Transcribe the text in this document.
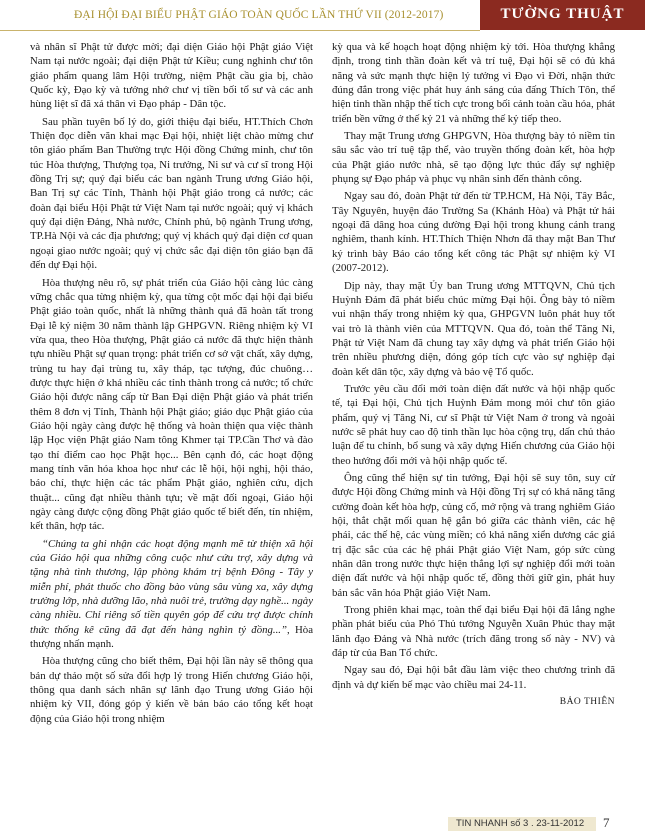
ĐẠI HỘI ĐẠI BIỂU PHẬT GIÁO TOÀN QUỐC LẦN THỨ VII (2012-2017)	TƯỜNG THUẬT

và nhân sĩ Phật tử được mời; đại diện Giáo hội Phật giáo Việt Nam tại nước ngoài; đại diện Phật tử Kiều; cung nghinh chư tôn giáo phẩm quang lâm Hội trường, niệm Phật cầu gia bị, chào Quốc kỳ, Đạo kỳ và tưởng nhớ chư vị tiền bối tổ sư và các anh hùng liệt sĩ đã xả thân vì Đạo pháp - Dân tộc.

Sau phần tuyên bố lý do, giới thiệu đại biểu, HT.Thích Chơn Thiện đọc diễn văn khai mạc Đại hội, nhiệt liệt chào mừng chư tôn giáo phẩm Ban Thường trực Hội đồng Chứng minh, chư tôn túc Hòa thượng, Thượng tọa, Ni trưởng, Ni sư và cư sĩ trong Hội đồng Trị sự; quý đại biểu các ban ngành Trung ương Giáo hội, Ban Trị sự các Tỉnh, Thành hội Phật giáo trong cả nước; các đoàn đại biểu Hội Phật tử Việt Nam tại nước ngoài; quý vị khách quý đại diện Đảng, Nhà nước, Chính phủ, bộ ngành Trung ương, TP.Hà Nội và các địa phương; quý vị khách quý đại diện cơ quan ngoại giao nước ngoài; quý vị chức sắc đại diện tôn giáo bạn đã đến dự Đại hội.

Hòa thượng nêu rõ, sự phát triển của Giáo hội càng lúc càng vững chắc qua từng nhiệm kỳ, qua từng cột mốc đại hội đại biểu Phật giáo toàn quốc, nhất là những thành quả đã hoàn tất trong Đại lễ kỷ niệm 30 năm thành lập GHPGVN. Riêng nhiệm kỳ VI vừa qua, theo Hòa thượng, Phật giáo cả nước đã thực hiện thành tựu nhiều Phật sự quan trọng: phát triển cơ sở vật chất, xây dựng, trùng tu hay đại trùng tu, xây tháp, tạc tượng, đúc chuông… được thực hiện ở khá nhiều các tỉnh thành trong cả nước; tổ chức Giáo hội được nâng cấp từ Ban Đại diện Phật giáo và phát triển thêm 8 đơn vị Tỉnh, Thành hội Phật giáo; giáo dục Phật giáo của Giáo hội ngày càng được hệ thống và hoàn thiện qua việc thành lập Học viện Phật giáo Nam tông Khmer tại TP.Cần Thơ và đào tạo thí điểm cao học Phật học... Bên cạnh đó, các hoạt động mang tính văn hóa khoa học như các lễ hội, hội nghị, hội thảo, báo chí, thực hiện các tác phẩm Phật giáo, nghiên cứu, dịch thuật... cũng đạt nhiều thành tựu; về mặt đối ngoại, Giáo hội ngày càng được cộng đồng Phật giáo quốc tế biết đến, tín nhiệm, kết thân, hợp tác.

“Chúng ta ghi nhận các hoạt động mạnh mẽ từ thiện xã hội của Giáo hội qua những công cuộc như cứu trợ, xây dựng và tặng nhà tình thương, lập phòng khám trị bệnh Đông - Tây y miễn phí, phát thuốc cho đồng bào vùng sâu vùng xa, xây dựng trường lớp, nhà dưỡng lão, nhà nuôi trẻ, trường dạy nghề... ngày càng nhiều. Chỉ riêng số tiền quyên góp để cứu trợ được chính thức thống kê cũng đã đạt đến hàng nghìn tỷ đồng...”, Hòa thượng nhấn mạnh.

Hòa thượng cũng cho biết thêm, Đại hội lần này sẽ thông qua bản dự thảo một số sửa đổi hợp lý trong Hiến chương Giáo hội, thông qua danh sách nhân sự lãnh đạo Trung ương Giáo hội nhiệm kỳ VII, đóng góp ý kiến về bản báo cáo tổng kết hoạt động của Giáo hội trong nhiệm

kỳ qua và kế hoạch hoạt động nhiệm kỳ tới. Hòa thượng khẳng định, trong tinh thần đoàn kết và trí tuệ, Đại hội sẽ có đủ khả năng và sức mạnh thực hiện lý tưởng vì Đạo vì Đời, nhận thức đúng đắn trong việc phát huy ánh sáng của đấng Thích Tôn, thể hiện tinh thần nhập thế tích cực trong bối cảnh toàn cầu hóa, phát triển bền vững ở thế kỷ 21 và những thế kỷ tiếp theo.

Thay mặt Trung ương GHPGVN, Hòa thượng bày tỏ niềm tin sâu sắc vào trí tuệ tập thể, vào truyền thống đoàn kết, hòa hợp của Phật giáo nước nhà, sẽ tạo động lực thúc đẩy sự nghiệp phụng sự Đạo pháp và phục vụ nhân sinh đến thành công.

Ngay sau đó, đoàn Phật tử đến từ TP.HCM, Hà Nội, Tây Bắc, Tây Nguyên, huyện đảo Trường Sa (Khánh Hòa) và Phật tử hải ngoại đã dâng hoa cúng dường Đại hội trong khung cảnh trang nghiêm, thanh kính. HT.Thích Thiện Nhơn đã thay mặt Ban Thư ký trình bày Báo cáo tổng kết công tác Phật sự nhiệm kỳ VI (2007-2012).

Dịp này, thay mặt Ủy ban Trung ương MTTQVN, Chủ tịch Huỳnh Đảm đã phát biểu chúc mừng Đại hội. Ông bày tỏ niềm vui nhận thấy trong nhiệm kỳ qua, GHPGVN luôn phát huy tốt vai trò là thành viên của MTTQVN. Qua đó, toàn thể Tăng Ni, Phật tử Việt Nam đã chung tay xây dựng và phát triển Giáo hội trên nhiều phương diện, đóng góp tích cực vào sự nghiệp đại đoàn kết dân tộc, xây dựng và bảo vệ Tổ quốc.

Trước yêu cầu đổi mới toàn diện đất nước và hội nhập quốc tế, tại Đại hội, Chủ tịch Huỳnh Đảm mong mỏi chư tôn giáo phẩm, quý vị Tăng Ni, cư sĩ Phật tử Việt Nam ở trong và ngoài nước sẽ phát huy cao độ tinh thần lục hòa cộng trụ, dấn chủ thảo luận để tu chỉnh, bổ sung và xây dựng Hiến chương của Giáo hội theo hướng đổi mới và hội nhập quốc tế.

Ông cũng thể hiện sự tin tưởng, Đại hội sẽ suy tôn, suy cử được Hội đồng Chứng minh và Hội đồng Trị sự có khả năng tăng cường đoàn kết hòa hợp, củng cố, mở rộng và trang nghiêm Giáo hội, thắt chặt mối quan hệ gắn bó giữa các thành viên, các hệ phái, các thế hệ, các vùng miền; có khả năng xiển dương các giá trị đặc sắc của các hệ phái Phật giáo Việt Nam, góp sức cùng nhân dân trong nước thực hiện thắng lợi sự nghiệp đổi mới toàn diện đất nước và hội nhập quốc tế, đồng thời giữ gìn, phát huy bản sắc văn hóa Phật giáo Việt Nam.

Trong phiên khai mạc, toàn thể đại biểu Đại hội đã lắng nghe phần phát biểu của Phó Thủ tướng Nguyễn Xuân Phúc thay mặt lãnh đạo Đảng và Nhà nước (trích đăng trong số này - NV) và đáp từ của Ban Tổ chức.

Ngay sau đó, Đại hội bắt đầu làm việc theo chương trình đã định và dự kiến bế mạc vào chiều mai 24-11.

BẢO THIÊN

TIN NHANH số 3 . 23-11-2012 7
